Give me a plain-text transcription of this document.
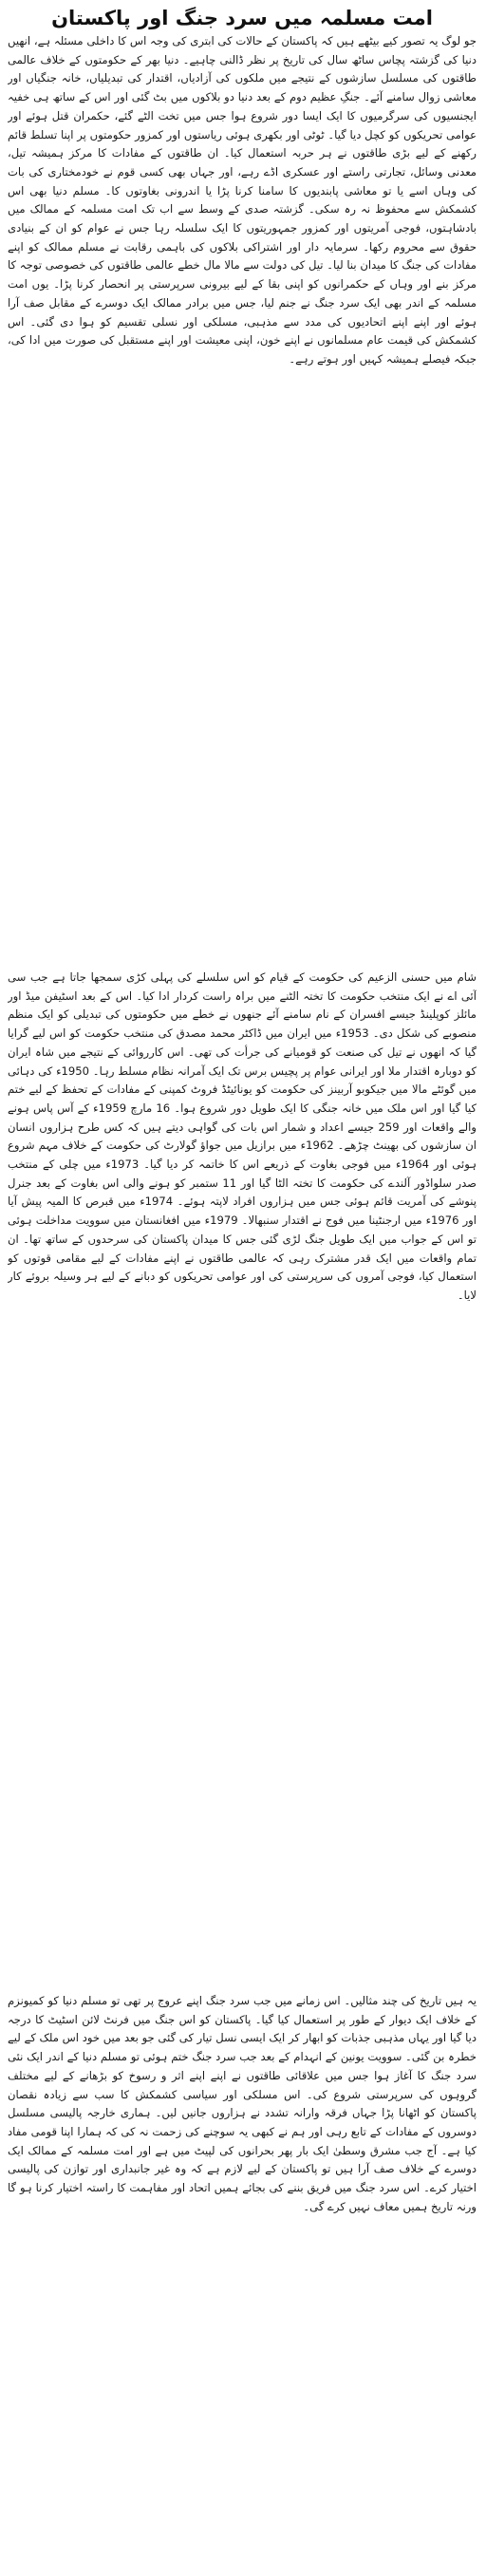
امت مسلمہ میں سرد جنگ اور پاکستان

جو لوگ یہ تصور کیے بیٹھے ہیں کہ پاکستان کے حالات کی ابتری کی وجہ اس کا داخلی مسئلہ ہے، انھیں دنیا کی گزشتہ پچاس ساٹھ سال کی تاریخ پر نظر ڈالنی چاہیے۔ دنیا بھر کے حکومتوں کے خلاف عالمی طاقتوں کی مسلسل سازشوں کے نتیجے میں ملکوں کی آزادیاں، اقتدار کی تبدیلیاں، خانہ جنگیاں اور معاشی زوال سامنے آئے۔ جنگِ عظیم دوم کے بعد دنیا دو بلاکوں میں بٹ گئی اور اس کے ساتھ ہی خفیہ ایجنسیوں کی سرگرمیوں کا ایک ایسا دور شروع ہوا جس میں تخت الٹے گئے، حکمران قتل ہوئے اور عوامی تحریکوں کو کچل دیا گیا۔ ٹوٹی اور بکھری ہوئی ریاستوں اور کمزور حکومتوں پر اپنا تسلط قائم رکھنے کے لیے بڑی طاقتوں نے ہر حربہ استعمال کیا۔ ان طاقتوں کے مفادات کا مرکز ہمیشہ تیل، معدنی وسائل، تجارتی راستے اور عسکری اڈے رہے، اور جہاں بھی کسی قوم نے خودمختاری کی بات کی وہاں اسے یا تو معاشی پابندیوں کا سامنا کرنا پڑا یا اندرونی بغاوتوں کا۔ مسلم دنیا بھی اس کشمکش سے محفوظ نہ رہ سکی۔ گزشتہ صدی کے وسط سے اب تک امت مسلمہ کے ممالک میں بادشاہتوں، فوجی آمریتوں اور کمزور جمہوریتوں کا ایک سلسلہ رہا جس نے عوام کو ان کے بنیادی حقوق سے محروم رکھا۔ سرمایہ دار اور اشتراکی بلاکوں کی باہمی رقابت نے مسلم ممالک کو اپنے مفادات کی جنگ کا میدان بنا لیا۔ تیل کی دولت سے مالا مال خطے عالمی طاقتوں کی خصوصی توجہ کا مرکز بنے اور وہاں کے حکمرانوں کو اپنی بقا کے لیے بیرونی سرپرستی پر انحصار کرنا پڑا۔ یوں امت مسلمہ کے اندر بھی ایک سرد جنگ نے جنم لیا، جس میں برادر ممالک ایک دوسرے کے مقابل صف آرا ہوئے اور اپنے اپنے اتحادیوں کی مدد سے مذہبی، مسلکی اور نسلی تقسیم کو ہوا دی گئی۔ اس کشمکش کی قیمت عام مسلمانوں نے اپنے خون، اپنی معیشت اور اپنے مستقبل کی صورت میں ادا کی، جبکہ فیصلے ہمیشہ کہیں اور ہوتے رہے۔

شام میں حسنی الزعیم کی حکومت کے قیام کو اس سلسلے کی پہلی کڑی سمجھا جاتا ہے جب سی آئی اے نے ایک منتخب حکومت کا تختہ الٹنے میں براہ راست کردار ادا کیا۔ اس کے بعد اسٹیفن میڈ اور مائلز کوپلینڈ جیسے افسران کے نام سامنے آئے جنھوں نے خطے میں حکومتوں کی تبدیلی کو ایک منظم منصوبے کی شکل دی۔ 1953ء میں ایران میں ڈاکٹر محمد مصدق کی منتخب حکومت کو اس لیے گرایا گیا کہ انھوں نے تیل کی صنعت کو قومیانے کی جرأت کی تھی۔ اس کارروائی کے نتیجے میں شاہ ایران کو دوبارہ اقتدار ملا اور ایرانی عوام پر پچیس برس تک ایک آمرانہ نظام مسلط رہا۔ 1950ء کی دہائی میں گوئٹے مالا میں جیکوبو آربینز کی حکومت کو یونائیٹڈ فروٹ کمپنی کے مفادات کے تحفظ کے لیے ختم کیا گیا اور اس ملک میں خانہ جنگی کا ایک طویل دور شروع ہوا۔ 16 مارچ 1959ء کے آس پاس ہونے والے واقعات اور 259 جیسے اعداد و شمار اس بات کی گواہی دیتے ہیں کہ کس طرح ہزاروں انسان ان سازشوں کی بھینٹ چڑھے۔ 1962ء میں برازیل میں جواؤ گولارٹ کی حکومت کے خلاف مہم شروع ہوئی اور 1964ء میں فوجی بغاوت کے ذریعے اس کا خاتمہ کر دیا گیا۔ 1973ء میں چلی کے منتخب صدر سلواڈور آلندے کی حکومت کا تختہ الٹا گیا اور 11 ستمبر کو ہونے والی اس بغاوت کے بعد جنرل پنوشے کی آمریت قائم ہوئی جس میں ہزاروں افراد لاپتہ ہوئے۔ 1974ء میں قبرص کا المیہ پیش آیا اور 1976ء میں ارجنٹینا میں فوج نے اقتدار سنبھالا۔ 1979ء میں افغانستان میں سوویت مداخلت ہوئی تو اس کے جواب میں ایک طویل جنگ لڑی گئی جس کا میدان پاکستان کی سرحدوں کے ساتھ تھا۔ ان تمام واقعات میں ایک قدر مشترک رہی کہ عالمی طاقتوں نے اپنے مفادات کے لیے مقامی قوتوں کو استعمال کیا، فوجی آمروں کی سرپرستی کی اور عوامی تحریکوں کو دبانے کے لیے ہر وسیلہ بروئے کار لایا۔

یہ ہیں تاریخ کی چند مثالیں۔ اس زمانے میں جب سرد جنگ اپنے عروج پر تھی تو مسلم دنیا کو کمیونزم کے خلاف ایک دیوار کے طور پر استعمال کیا گیا۔ پاکستان کو اس جنگ میں فرنٹ لائن اسٹیٹ کا درجہ دیا گیا اور یہاں مذہبی جذبات کو ابھار کر ایک ایسی نسل تیار کی گئی جو بعد میں خود اس ملک کے لیے خطرہ بن گئی۔ سوویت یونین کے انہدام کے بعد جب سرد جنگ ختم ہوئی تو مسلم دنیا کے اندر ایک نئی سرد جنگ کا آغاز ہوا جس میں علاقائی طاقتوں نے اپنے اپنے اثر و رسوخ کو بڑھانے کے لیے مختلف گروہوں کی سرپرستی شروع کی۔ اس مسلکی اور سیاسی کشمکش کا سب سے زیادہ نقصان پاکستان کو اٹھانا پڑا جہاں فرقہ وارانہ تشدد نے ہزاروں جانیں لیں۔ ہماری خارجہ پالیسی مسلسل دوسروں کے مفادات کے تابع رہی اور ہم نے کبھی یہ سوچنے کی زحمت نہ کی کہ ہمارا اپنا قومی مفاد کیا ہے۔ آج جب مشرق وسطیٰ ایک بار پھر بحرانوں کی لپیٹ میں ہے اور امت مسلمہ کے ممالک ایک دوسرے کے خلاف صف آرا ہیں تو پاکستان کے لیے لازم ہے کہ وہ غیر جانبداری اور توازن کی پالیسی اختیار کرے۔ اس سرد جنگ میں فریق بننے کی بجائے ہمیں اتحاد اور مفاہمت کا راستہ اختیار کرنا ہو گا ورنہ تاریخ ہمیں معاف نہیں کرے گی۔
